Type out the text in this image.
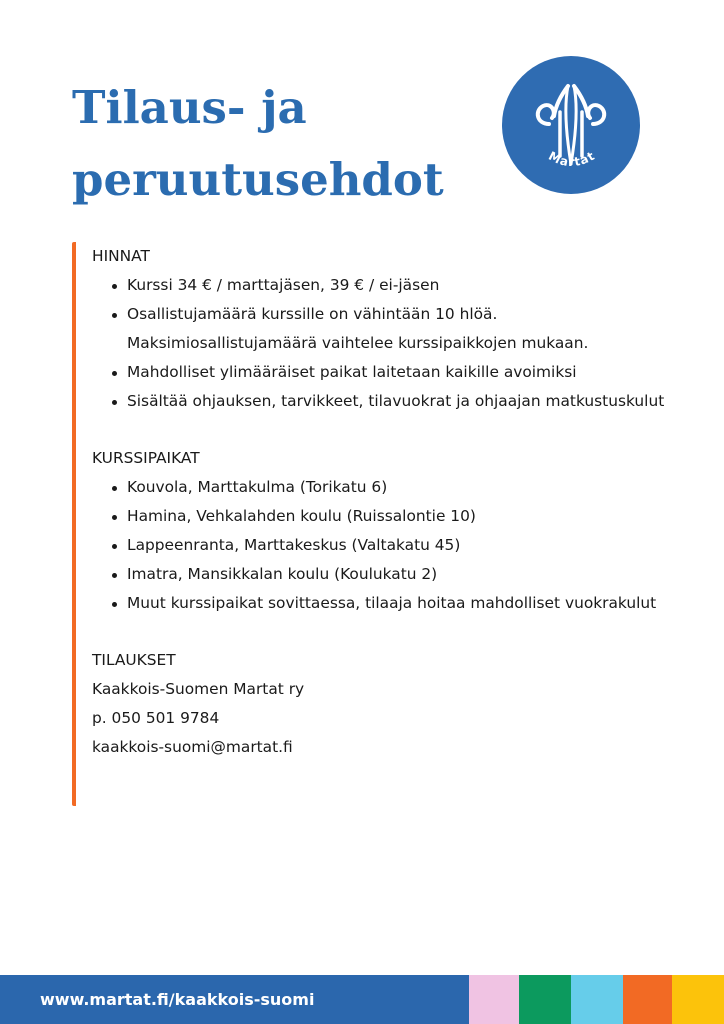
Tilaus- ja
peruutusehdot	Martat
HINNAT
Kurssi 34 € / marttajäsen, 39 € / ei-jäsen
Osallistujamäärä kurssille on vähintään 10 hlöä. Maksimiosallistujamäärä vaihtelee kurssipaikkojen mukaan.
Mahdolliset ylimääräiset paikat laitetaan kaikille avoimiksi
Sisältää ohjauksen, tarvikkeet, tilavuokrat ja ohjaajan matkustuskulut
KURSSIPAIKAT
Kouvola, Marttakulma (Torikatu 6)
Hamina, Vehkalahden koulu (Ruissalontie 10)
Lappeenranta, Marttakeskus (Valtakatu 45)
Imatra, Mansikkalan koulu (Koulukatu 2)
Muut kurssipaikat sovittaessa, tilaaja hoitaa mahdolliset vuokrakulut
TILAUKSET
Kaakkois-Suomen Martat ry
p. 050 501 9784
kaakkois-suomi@martat.fi
www.martat.fi/kaakkois-suomi
